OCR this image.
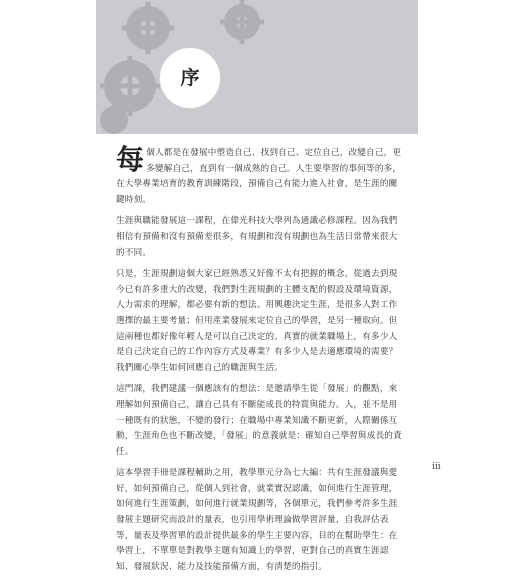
序

每 個人都是在發展中塑造自己、找到自己、定位自己，改變自己，更多變解自己，直到有一個成熟的自己。人生要學習的事何等的多，在大學專業培育的教育訓練階段，預備自己有能力進入社會，是生涯的關鍵時刻。

生涯與職能發展這一課程，在偉光科技大學列為通識必修課程。因為我們相信有預備和沒有預備差很多，有規劃和沒有規劃也為生活日常帶來很大的不同。

只是，生涯規劃這個大家已經熟悉又好像不太有把握的概念，從過去到現今已有許多重大的改變，我們對生涯規劃的主體支配的假設及環境資源，人力需求的理解，都必要有新的想法。用興趣決定生涯，是很多人對工作選擇的最主要考量；但用產業發展來定位自己的學習，是另一種取向。但這兩種也都好像年輕人是可以自己決定的。真實的就業職場上，有多少人是自己決定自己的工作內容方式及專業？有多少人是去適應環境的需要？我們關心學生如何回應自己的職涯與生活。

這門課，我們建議一個應該有的想法：是邀請學生從「發展」的觀點，來理解如何預備自己，讓自己具有不斷能成長的特質與能力。人，並不是用一種既有的狀態，不變的發行；在職場中專業知識不斷更新，人際關係互動，生涯角色也不斷改變，「發展」的意義就是：確知自己學習與成長的責任。

這本學習手冊是課程輔助之用，教學單元分為七大編：共有生涯發議與愛好，如何預備自己，從個人到社會，就業實況認識，如何進行生涯管理，如何進行生涯策劃，如何進行就業規劃等，各個單元，我們參考許多生涯發展主題研究而設計的量表，也引用學術理論做學習評量，自我評估表等，量表及學習單的設計提供最多的學生主要內容，目的在幫助學生：在學習上，不單單是對教學主題有知識上的學習，更對自己的真實生涯認知、發展狀況、能力及技能預備方面，有清楚的指引。

iii
